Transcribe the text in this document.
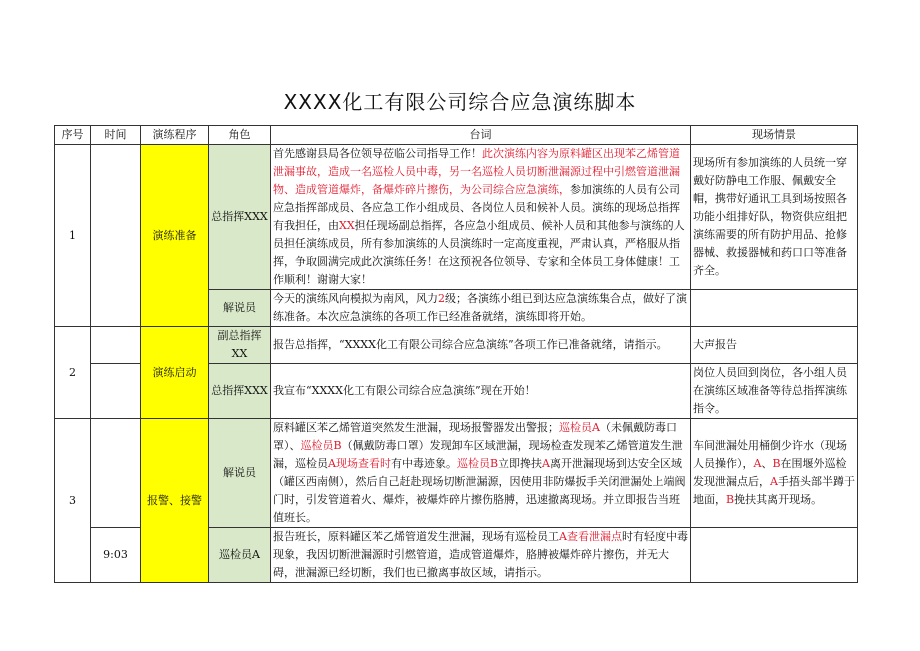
XXXX化工有限公司综合应急演练脚本
序号	时间	演练程序	角色	台词	现场情景
1		演练准备	总指挥XXX	首先感谢县局各位领导莅临公司指导工作！此次演练内容为原料罐区出现苯乙烯管道泄漏事故，造成一名巡检人员中毒，另一名巡检人员切断泄漏源过程中引燃管道泄漏物、造成管道爆炸，备爆炸碎片擦伤，为公司综合应急演练，参加演练的人员有公司应急指挥部成员、各应急工作小组成员、各岗位人员和候补人员。演练的现场总指挥有我担任，由XX担任现场副总指挥，各应急小组成员、候补人员和其他参与演练的人员担任演练成员，所有参加演练的人员演练时一定高度重视，严肃认真，严格服从指挥，争取圆满完成此次演练任务！在这预祝各位领导、专家和全体员工身体健康！工作顺利！谢谢大家！	现场所有参加演练的人员统一穿戴好防静电工作服、佩戴安全帽，携带好通讯工具到场按照各功能小组排好队，物资供应组把演练需要的所有防护用品、抢修器械、救援器械和药口口等准备齐全。
			解说员	今天的演练风向模拟为南风，风力2级；各演练小组已到达应急演练集合点，做好了演练准备。本次应急演练的各项工作已经准备就绪，演练即将开始。	
2		演练启动	副总指挥XX	报告总指挥，“XXXX化工有限公司综合应急演练”各项工作已准备就绪，请指示。	大声报告
			总指挥XXX	我宣布“XXXX化工有限公司综合应急演练”现在开始！	岗位人员回到岗位，各小组人员在演练区域准备等待总指挥演练指令。
3		报警、接警	解说员	原料罐区苯乙烯管道突然发生泄漏，现场报警器发出警报；巡检员A（未佩戴防毒口罩）、巡检员B（佩戴防毒口罩）发现卸车区域泄漏，现场检查发现苯乙烯管道发生泄漏，巡检员A现场查看时有中毒迹象。巡检员B立即搀扶A离开泄漏现场到达安全区域（罐区西南侧），然后自己赶赴现场切断泄漏源，因使用非防爆扳手关闭泄漏处上端阀门时，引发管道着火、爆炸，被爆炸碎片擦伤胳膊，迅速撤离现场。并立即报告当班值班长。	车间泄漏处用桶倒少许水（现场人员操作），A、B在围堰外巡检发现泄漏点后，A手捂头部半蹲于地面，B挽扶其离开现场。
	9:03		巡检员A	报告班长，原料罐区苯乙烯管道发生泄漏，现场有巡检员工A查看泄漏点时有轻度中毒现象，我因切断泄漏源时引燃管道，造成管道爆炸，胳膊被爆炸碎片擦伤，并无大碍，泄漏源已经切断，我们也已撤离事故区域，请指示。	
